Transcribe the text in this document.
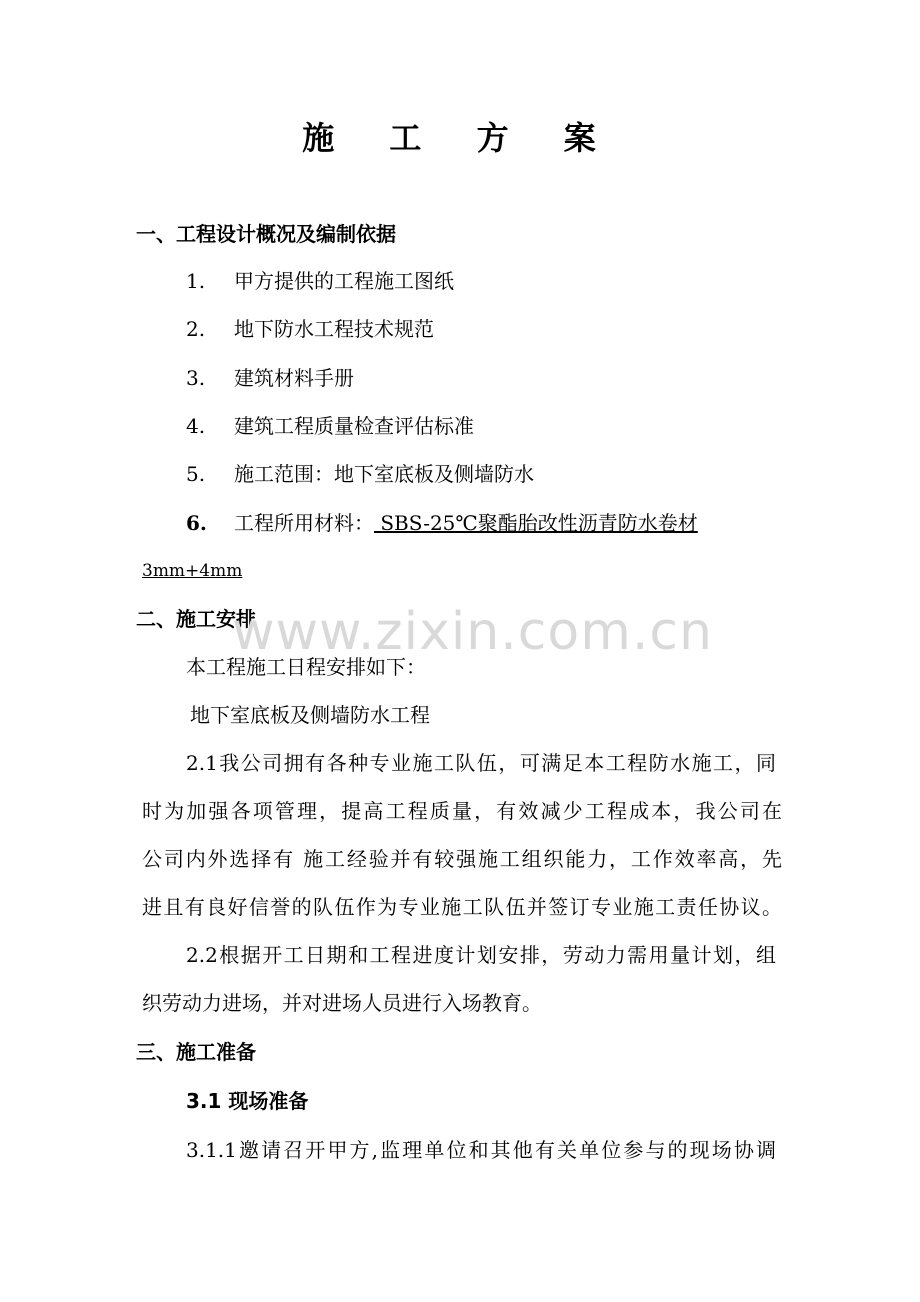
施 工 方 案
一、工程设计概况及编制依据
1. 甲方提供的工程施工图纸
2. 地下防水工程技术规范
3. 建筑材料手册
4. 建筑工程质量检查评估标准
5. 施工范围：地下室底板及侧墙防水
6. 工程所用材料： SBS-25℃聚酯胎改性沥青防水卷材
3mm+4mm
二、施工安排
本工程施工日程安排如下：
地下室底板及侧墙防水工程
2.1我公司拥有各种专业施工队伍，可满足本工程防水施工，同
时为加强各项管理，提高工程质量，有效减少工程成本，我公司在
公司内外选择有 施工经验并有较强施工组织能力，工作效率高，先
进且有良好信誉的队伍作为专业施工队伍并签订专业施工责任协议。
2.2根据开工日期和工程进度计划安排，劳动力需用量计划，组
织劳动力进场，并对进场人员进行入场教育。
三、施工准备
3.1 现场准备
3.1.1邀请召开甲方,监理单位和其他有关单位参与的现场协调
www.zixin.com.cn
